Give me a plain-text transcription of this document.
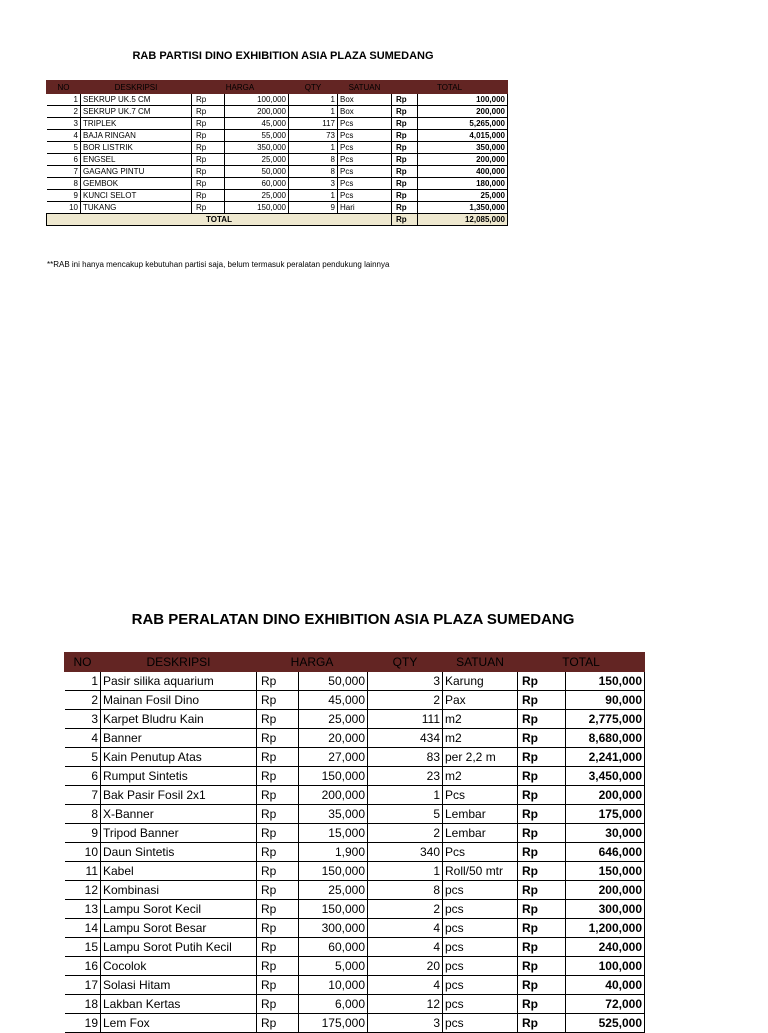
RAB PARTISI DINO EXHIBITION ASIA PLAZA SUMEDANG
NO	DESKRIPSI	HARGA		QTY	SATUAN	TOTAL	
1	SEKRUP UK.5 CM	Rp	100,000	1	Box	Rp	100,000
2	SEKRUP UK.7 CM	Rp	200,000	1	Box	Rp	200,000
3	TRIPLEK	Rp	45,000	117	Pcs	Rp	5,265,000
4	BAJA RINGAN	Rp	55,000	73	Pcs	Rp	4,015,000
5	BOR LISTRIK	Rp	350,000	1	Pcs	Rp	350,000
6	ENGSEL	Rp	25,000	8	Pcs	Rp	200,000
7	GAGANG PINTU	Rp	50,000	8	Pcs	Rp	400,000
8	GEMBOK	Rp	60,000	3	Pcs	Rp	180,000
9	KUNCI SELOT	Rp	25,000	1	Pcs	Rp	25,000
10	TUKANG	Rp	150,000	9	Hari	Rp	1,350,000
TOTAL						Rp	12,085,000
**RAB ini hanya mencakup kebutuhan partisi saja, belum termasuk peralatan pendukung lainnya
RAB PERALATAN DINO EXHIBITION ASIA PLAZA SUMEDANG
NO	DESKRIPSI	HARGA		QTY	SATUAN	TOTAL	
1	Pasir silika aquarium	Rp	50,000	3	Karung	Rp	150,000
2	Mainan Fosil Dino	Rp	45,000	2	Pax	Rp	90,000
3	Karpet Bludru Kain	Rp	25,000	111	m2	Rp	2,775,000
4	Banner	Rp	20,000	434	m2	Rp	8,680,000
5	Kain Penutup Atas	Rp	27,000	83	per 2,2 m	Rp	2,241,000
6	Rumput Sintetis	Rp	150,000	23	m2	Rp	3,450,000
7	Bak Pasir Fosil 2x1	Rp	200,000	1	Pcs	Rp	200,000
8	X-Banner	Rp	35,000	5	Lembar	Rp	175,000
9	Tripod Banner	Rp	15,000	2	Lembar	Rp	30,000
10	Daun Sintetis	Rp	1,900	340	Pcs	Rp	646,000
11	Kabel	Rp	150,000	1	Roll/50 mtr	Rp	150,000
12	Kombinasi	Rp	25,000	8	pcs	Rp	200,000
13	Lampu Sorot Kecil	Rp	150,000	2	pcs	Rp	300,000
14	Lampu Sorot Besar	Rp	300,000	4	pcs	Rp	1,200,000
15	Lampu Sorot Putih Kecil	Rp	60,000	4	pcs	Rp	240,000
16	Cocolok	Rp	5,000	20	pcs	Rp	100,000
17	Solasi Hitam	Rp	10,000	4	pcs	Rp	40,000
18	Lakban Kertas	Rp	6,000	12	pcs	Rp	72,000
19	Lem Fox	Rp	175,000	3	pcs	Rp	525,000
